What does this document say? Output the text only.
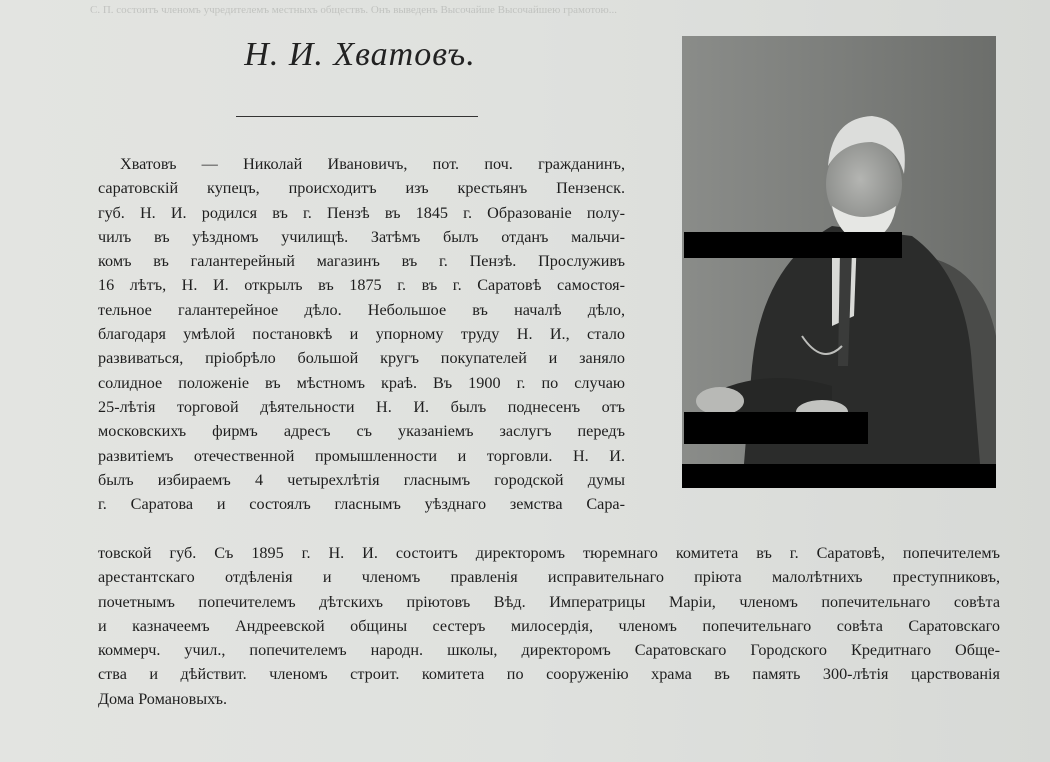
С. П. состоитъ членомъ учредителемъ местныхъ обществъ. Онъ выведенъ Высочайше Высочайшею грамотою...
Н. И. Хватовъ.
Хватовъ — Николай Ивановичъ, пот. поч. гражданинъ,
саратовскій купецъ, происходитъ изъ крестьянъ Пензенск.
губ. Н. И. родился въ г. Пензѣ въ 1845 г. Образованіе полу-
чилъ въ уѣздномъ училищѣ. Затѣмъ былъ отданъ мальчи-
комъ въ галантерейный магазинъ въ г. Пензѣ. Прослуживъ
16 лѣтъ, Н. И. открылъ въ 1875 г. въ г. Саратовѣ самостоя-
тельное галантерейное дѣло. Небольшое въ началѣ дѣло,
благодаря умѣлой постановкѣ и упорному труду Н. И., стало
развиваться, пріобрѣло большой кругъ покупателей и заняло
солидное положеніе въ мѣстномъ краѣ. Въ 1900 г. по случаю
25-лѣтія торговой дѣятельности Н. И. былъ поднесенъ отъ
московскихъ фирмъ адресъ съ указаніемъ заслугъ передъ
развитіемъ отечественной промышленности и торговли. Н. И.
былъ избираемъ 4 четырехлѣтія гласнымъ городской думы
г. Саратова и состоялъ гласнымъ уѣзднаго земства Сара-
товской губ. Съ 1895 г. Н. И. состоитъ директоромъ тюремнаго комитета въ г. Саратовѣ, попечителемъ
арестантскаго отдѣленія и членомъ правленія исправительнаго пріюта малолѣтнихъ преступниковъ,
почетнымъ попечителемъ дѣтскихъ пріютовъ Вѣд. Императрицы Маріи, членомъ попечительнаго совѣта
и казначеемъ Андреевской общины сестеръ милосердія, членомъ попечительнаго совѣта Саратовскаго
коммерч. учил., попечителемъ народн. школы, директоромъ Саратовскаго Городского Кредитнаго Обще-
ства и дѣйствит. членомъ строит. комитета по сооруженію храма въ память 300-лѣтія царствованія
Дома Романовыхъ.
